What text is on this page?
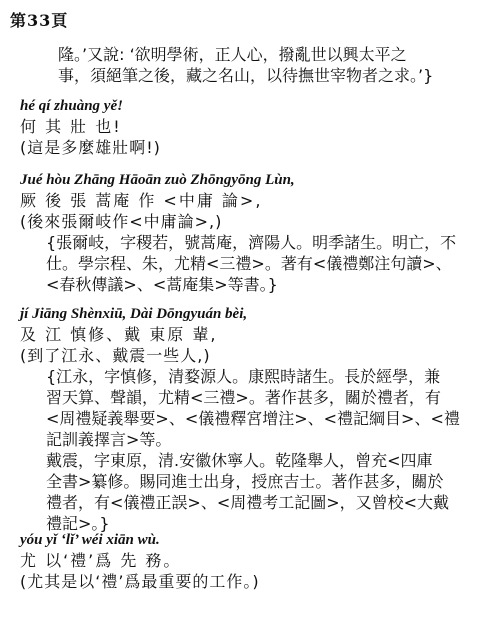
第33頁
隆。’又說: ‘欲明學術，正人心，撥亂世以興太平之
事，須絕筆之後，藏之名山，以待撫世宰物者之求。’}
hé qí zhuàng yě!
何 其 壯 也!
(這是多麼雄壯啊!)
Jué hòu Zhāng Hāoān zuò Zhōngyōng Lùn,
厥 後 張 蒿庵 作 <中庸 論>,
(後來張爾岐作<中庸論>,)
{張爾岐，字稷若，號蒿庵，濟陽人。明季諸生。明亡，不
仕。學宗程、朱，尤精<三禮>。著有<儀禮鄭注句讀>、
<春秋傳議>、<蒿庵集>等書。}
jí Jiāng Shènxiū, Dài Dōngyuán bèi,
及 江 慎修、戴 東原 輩,
(到了江永、戴震一些人,)
{江永，字慎修，清婺源人。康熙時諸生。長於經學，兼
習天算、聲韻，尤精<三禮>。著作甚多，關於禮者，有
<周禮疑義舉要>、<儀禮釋宮增注>、<禮記綱目>、<禮
記訓義擇言>等。
戴震，字東原，清.安徽休寧人。乾隆舉人，曾充<四庫
全書>纂修。賜同進士出身，授庶吉士。著作甚多，關於
禮者，有<儀禮正誤>、<周禮考工記圖>，又曾校<大戴
禮記>。}
yóu yǐ ‘lǐ’ wéi xiān wù.
尤 以‘禮’爲 先 務。
(尤其是以‘禮’爲最重要的工作。)
